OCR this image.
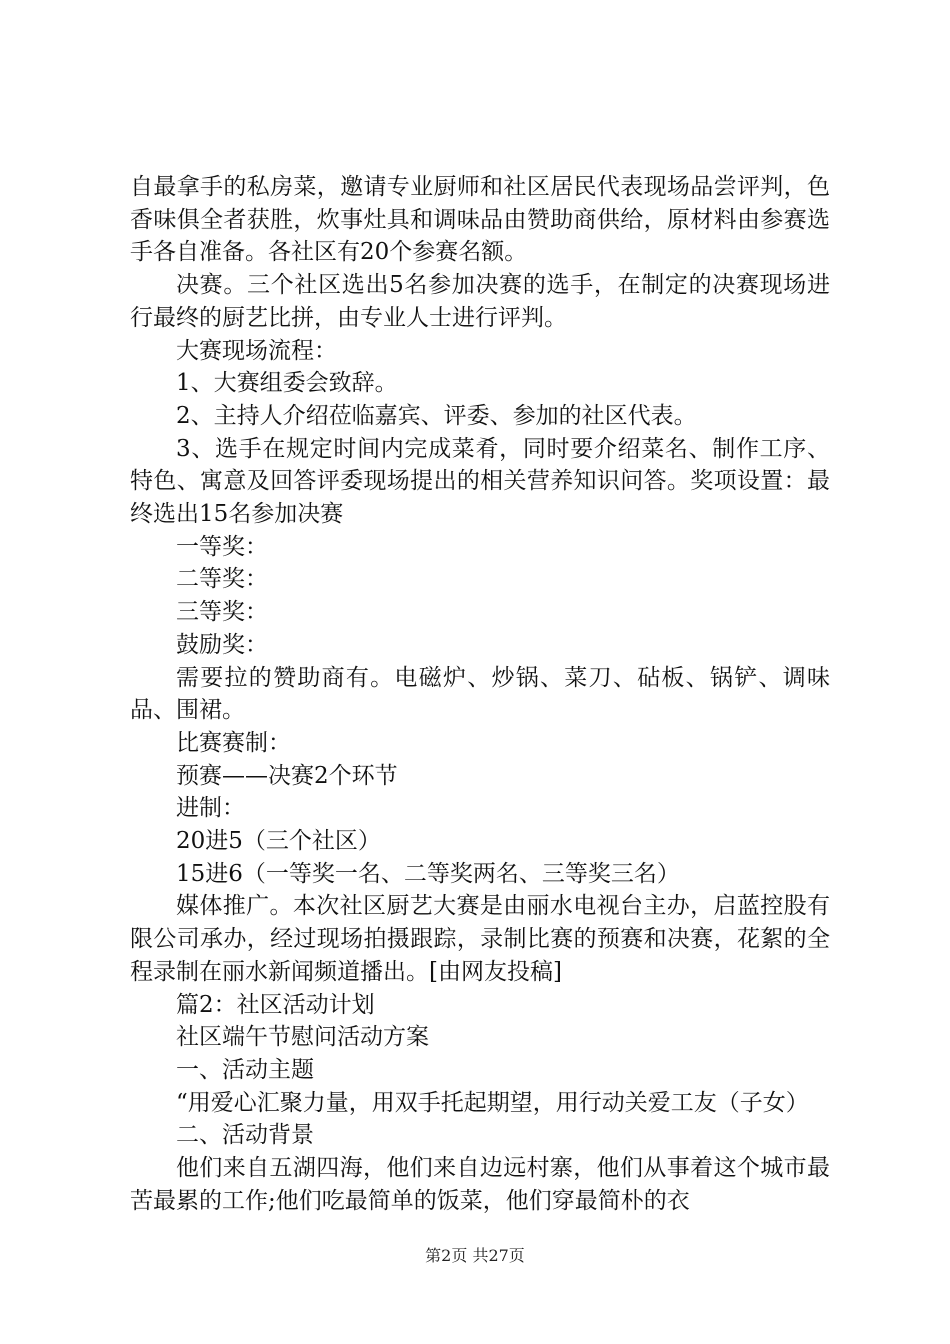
自最拿手的私房菜，邀请专业厨师和社区居民代表现场品尝评判，色香味俱全者获胜，炊事灶具和调味品由赞助商供给，原材料由参赛选手各自准备。各社区有20个参赛名额。

决赛。三个社区选出5名参加决赛的选手，在制定的决赛现场进行最终的厨艺比拼，由专业人士进行评判。

大赛现场流程：

1、大赛组委会致辞。

2、主持人介绍莅临嘉宾、评委、参加的社区代表。

3、选手在规定时间内完成菜肴，同时要介绍菜名、制作工序、特色、寓意及回答评委现场提出的相关营养知识问答。奖项设置：最终选出15名参加决赛

一等奖：

二等奖：

三等奖：

鼓励奖：

需要拉的赞助商有。电磁炉、炒锅、菜刀、砧板、锅铲、调味品、围裙。

比赛赛制：

预赛——决赛2个环节

进制：

20进5（三个社区）

15进6（一等奖一名、二等奖两名、三等奖三名）

媒体推广。本次社区厨艺大赛是由丽水电视台主办，启蓝控股有限公司承办，经过现场拍摄跟踪，录制比赛的预赛和决赛，花絮的全程录制在丽水新闻频道播出。[由网友投稿]

篇2：社区活动计划

社区端午节慰问活动方案

一、活动主题

“用爱心汇聚力量，用双手托起期望，用行动关爱工友（子女）

二、活动背景

他们来自五湖四海，他们来自边远村寨，他们从事着这个城市最苦最累的工作;他们吃最简单的饭菜，他们穿最简朴的衣

第2页 共27页
